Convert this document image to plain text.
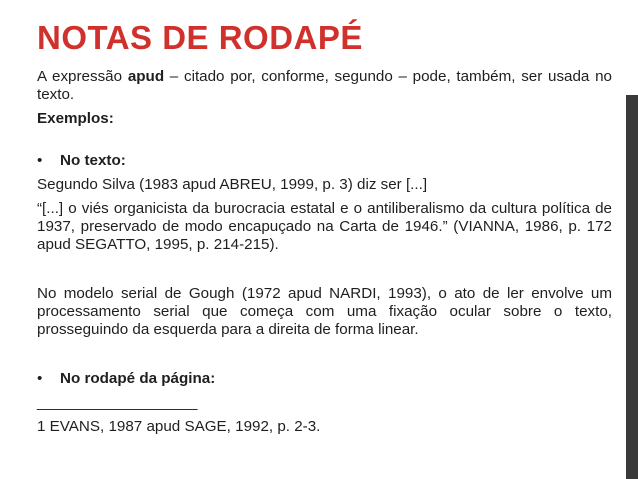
NOTAS DE RODAPÉ

A expressão apud – citado por, conforme, segundo – pode, também, ser usada no texto.

Exemplos:

•	No texto:

Segundo Silva (1983 apud ABREU, 1999, p. 3) diz ser [...]

“[...] o viés organicista da burocracia estatal e o antiliberalismo da cultura política de 1937, preservado de modo encapuçado na Carta de 1946.” (VIANNA, 1986, p. 172 apud SEGATTO, 1995, p. 214-215).

No modelo serial de Gough (1972 apud NARDI, 1993), o ato de ler envolve um processamento serial que começa com uma fixação ocular sobre o texto, prosseguindo da esquerda para a direita de forma linear.

•	No rodapé da página:

___________________

1 EVANS, 1987 apud SAGE, 1992, p. 2-3.
